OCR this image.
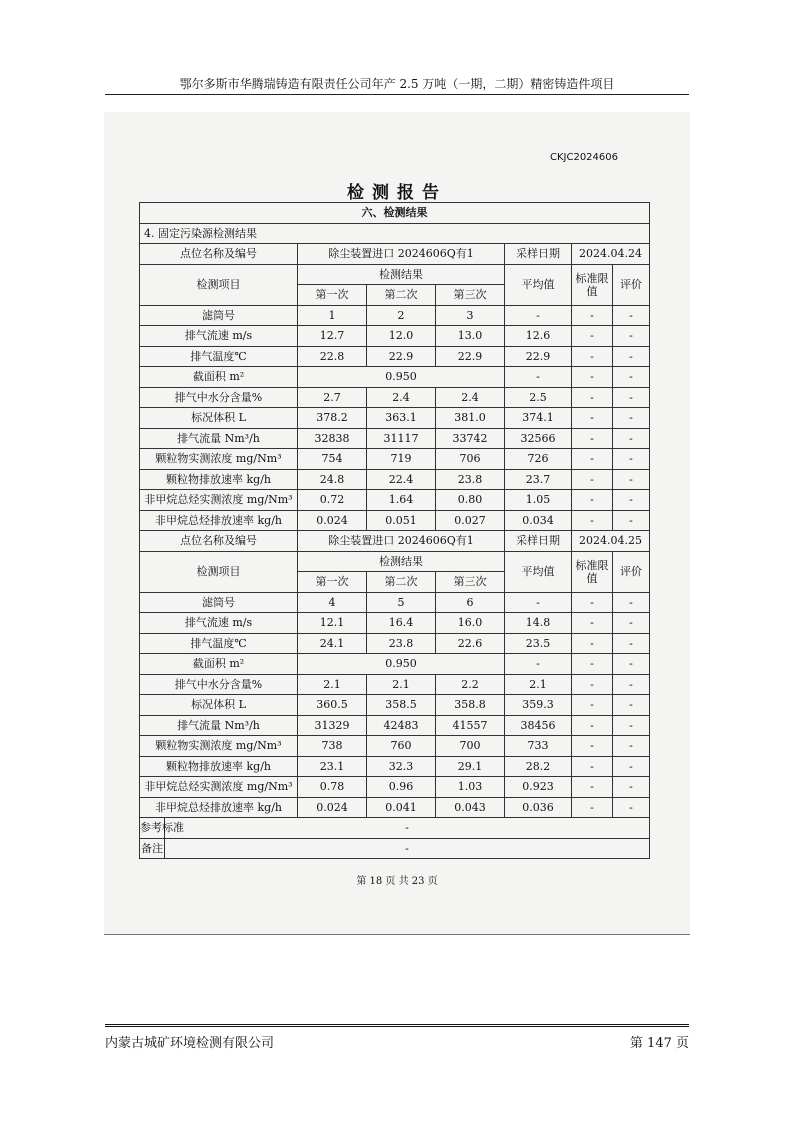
鄂尔多斯市华腾瑞铸造有限责任公司年产 2.5 万吨（一期，二期）精密铸造件项目
CKJC2024606
检测报告
六、检测结果							
4. 固定污染源检测结果							
点位名称及编号		除尘装置进口 2024606Q有1			采样日期	2024.04.24	
检测项目		检测结果			平均值	标准限值	评价
		第一次	第二次	第三次			
滤筒号		1	2	3	-	-	-
排气流速 m/s		12.7	12.0	13.0	12.6	-	-
排气温度℃		22.8	22.9	22.9	22.9	-	-
截面积 m²		0.950			-	-	-
排气中水分含量%		2.7	2.4	2.4	2.5	-	-
标况体积 L		378.2	363.1	381.0	374.1	-	-
排气流量 Nm³/h		32838	31117	33742	32566	-	-
颗粒物实测浓度 mg/Nm³		754	719	706	726	-	-
颗粒物排放速率 kg/h		24.8	22.4	23.8	23.7	-	-
非甲烷总烃实测浓度 mg/Nm³		0.72	1.64	0.80	1.05	-	-
非甲烷总烃排放速率 kg/h		0.024	0.051	0.027	0.034	-	-
点位名称及编号		除尘装置进口 2024606Q有1			采样日期	2024.04.25	
检测项目		检测结果			平均值	标准限值	评价
		第一次	第二次	第三次			
滤筒号		4	5	6	-	-	-
排气流速 m/s		12.1	16.4	16.0	14.8	-	-
排气温度℃		24.1	23.8	22.6	23.5	-	-
截面积 m²		0.950			-	-	-
排气中水分含量%		2.1	2.1	2.2	2.1	-	-
标况体积 L		360.5	358.5	358.8	359.3	-	-
排气流量 Nm³/h		31329	42483	41557	38456	-	-
颗粒物实测浓度 mg/Nm³		738	760	700	733	-	-
颗粒物排放速率 kg/h		23.1	32.3	29.1	28.2	-	-
非甲烷总烃实测浓度 mg/Nm³		0.78	0.96	1.03	0.923	-	-
非甲烷总烃排放速率 kg/h		0.024	0.041	0.043	0.036	-	-
参考标准	-						
备注	-						
第 18 页 共 23 页
内蒙古城矿环境检测有限公司	第 147 页
